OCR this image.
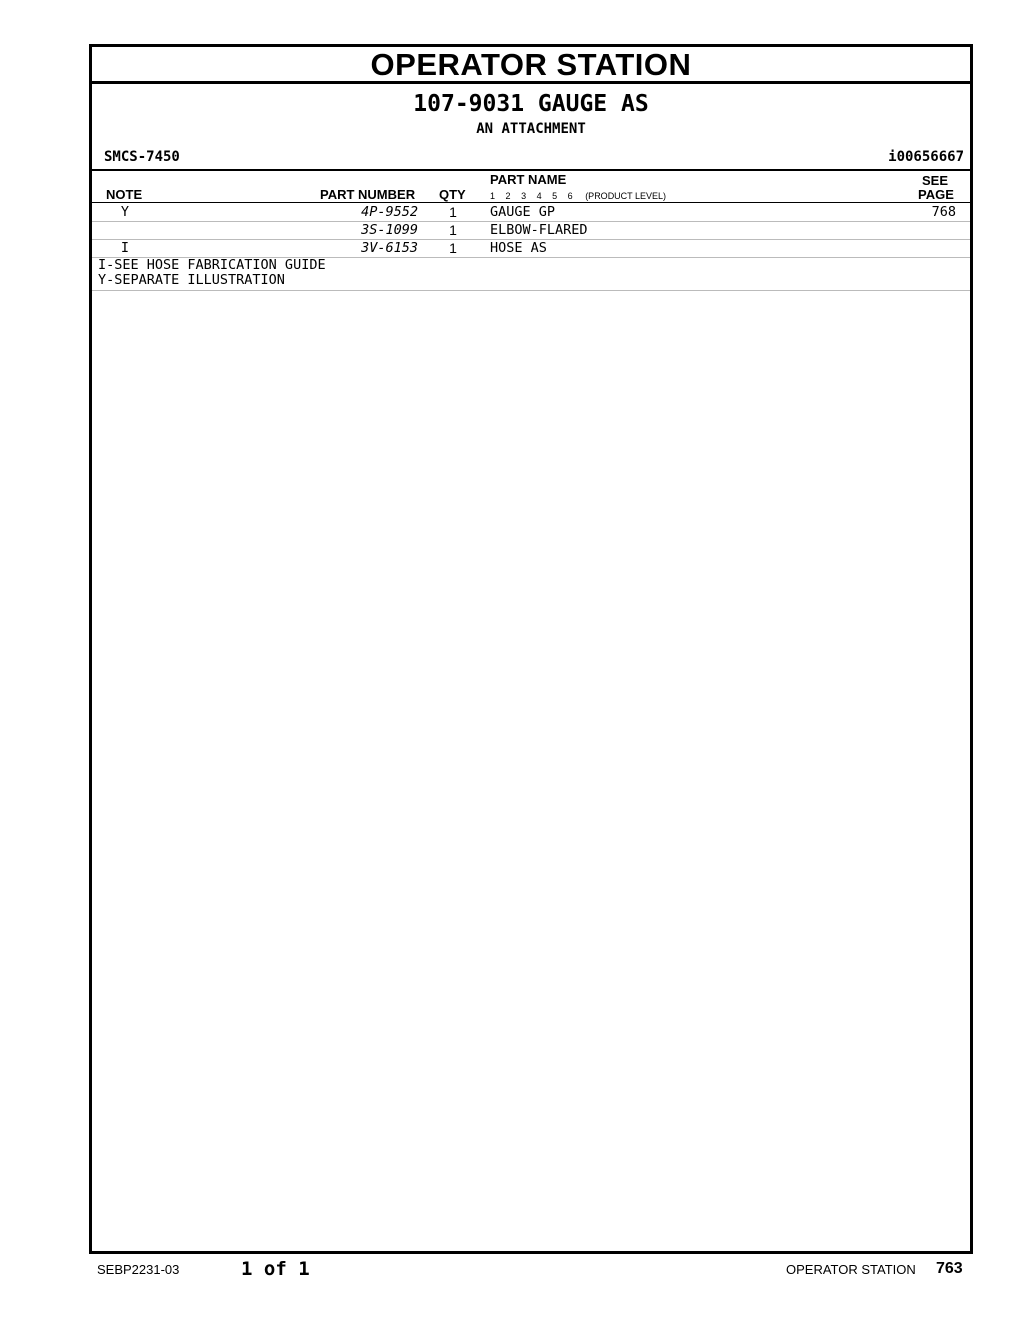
OPERATOR STATION
107-9031 GAUGE AS
AN ATTACHMENT
SMCS-7450	i00656667
NOTE	PART NUMBER QTY
PART NAME
1 2 3 4 5 6 (PRODUCT LEVEL)
SEE
PAGE
Y	4P-9552 1 GAUGE GP	768
3S-1099 1 ELBOW-FLARED
I	3V-6153 1 HOSE AS
I-SEE HOSE FABRICATION GUIDE
Y-SEPARATE ILLUSTRATION
SEBP2231-03	1 of 1	OPERATOR STATION 763
